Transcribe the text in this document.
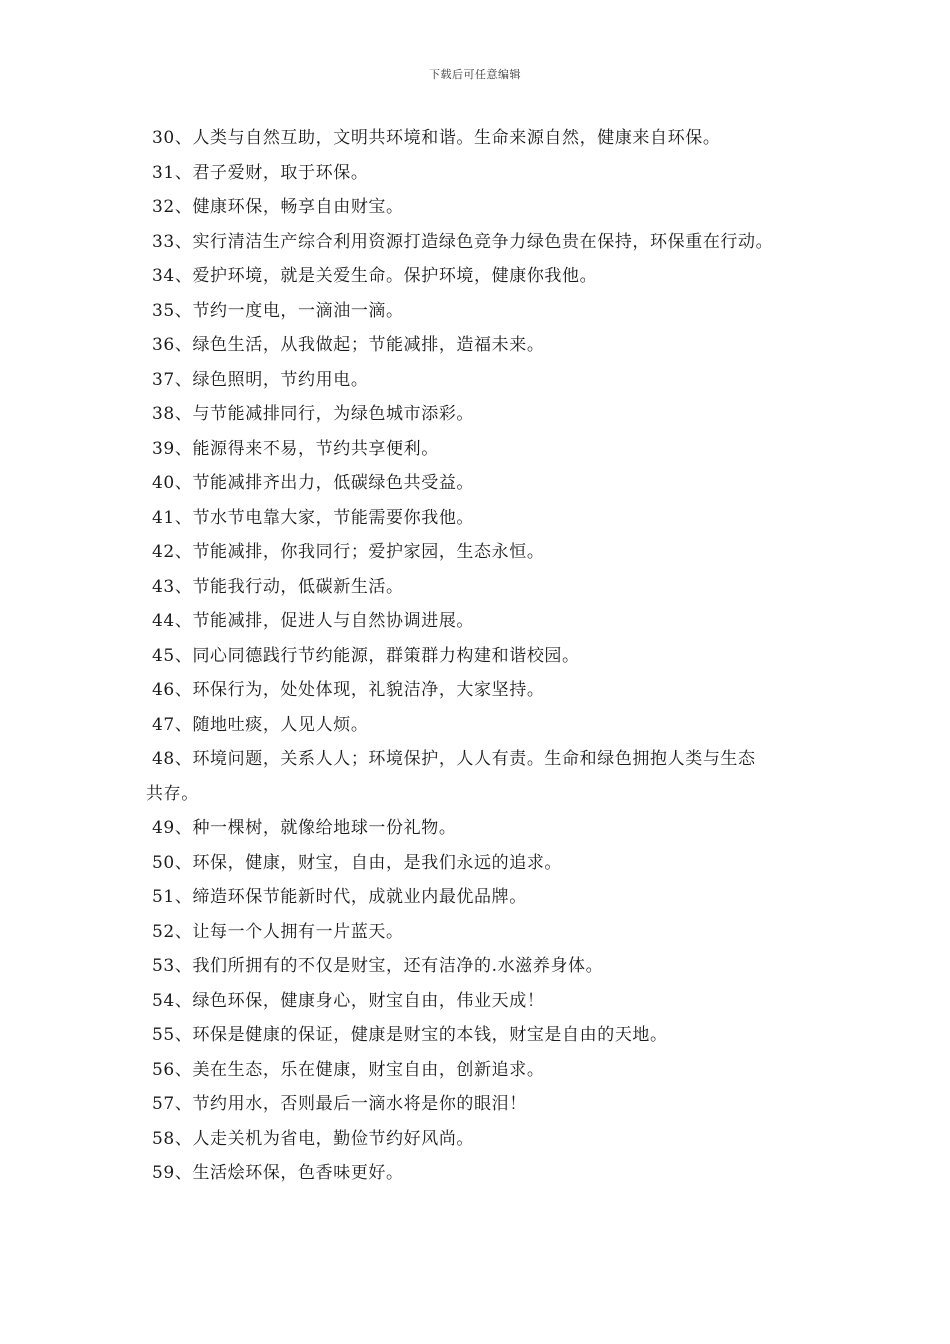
下载后可任意编辑
30、人类与自然互助，文明共环境和谐。生命来源自然，健康来自环保。
31、君子爱财，取于环保。
32、健康环保，畅享自由财宝。
33、实行清洁生产综合利用资源打造绿色竞争力绿色贵在保持，环保重在行动。
34、爱护环境，就是关爱生命。保护环境，健康你我他。
35、节约一度电，一滴油一滴。
36、绿色生活，从我做起；节能减排，造福未来。
37、绿色照明，节约用电。
38、与节能减排同行，为绿色城市添彩。
39、能源得来不易，节约共享便利。
40、节能减排齐出力，低碳绿色共受益。
41、节水节电靠大家，节能需要你我他。
42、节能减排，你我同行；爱护家园，生态永恒。
43、节能我行动，低碳新生活。
44、节能减排，促进人与自然协调进展。
45、同心同德践行节约能源，群策群力构建和谐校园。
46、环保行为，处处体现，礼貌洁净，大家坚持。
47、随地吐痰，人见人烦。
48、环境问题，关系人人；环境保护，人人有责。生命和绿色拥抱人类与生态
共存。
49、种一棵树，就像给地球一份礼物。
50、环保，健康，财宝，自由，是我们永远的追求。
51、缔造环保节能新时代，成就业内最优品牌。
52、让每一个人拥有一片蓝天。
53、我们所拥有的不仅是财宝，还有洁净的.水滋养身体。
54、绿色环保，健康身心，财宝自由，伟业天成！
55、环保是健康的保证，健康是财宝的本钱，财宝是自由的天地。
56、美在生态，乐在健康，财宝自由，创新追求。
57、节约用水，否则最后一滴水将是你的眼泪！
58、人走关机为省电，勤俭节约好风尚。
59、生活烩环保，色香味更好。
